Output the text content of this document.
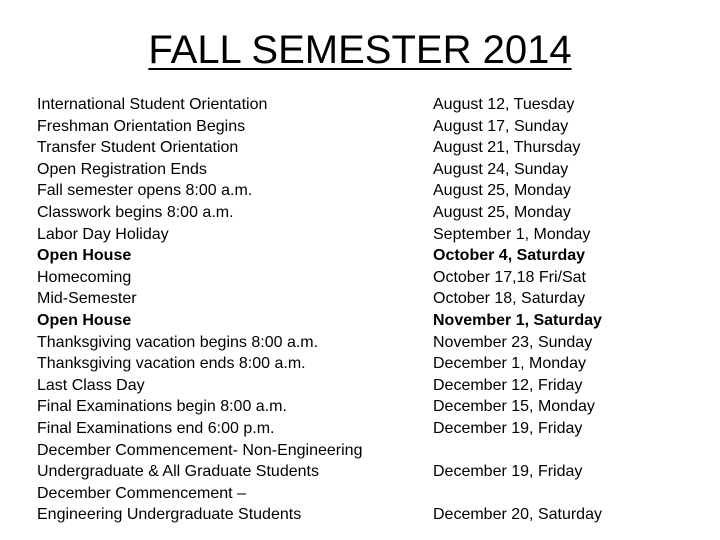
FALL SEMESTER 2014
International Student Orientation	August 12, Tuesday
Freshman Orientation Begins	August 17, Sunday
Transfer Student Orientation	August 21, Thursday
Open Registration Ends	August 24, Sunday
Fall semester opens 8:00 a.m.	August 25, Monday
Classwork begins 8:00 a.m.	August 25, Monday
Labor Day Holiday	September 1, Monday
Open House	October 4, Saturday
Homecoming	October 17,18 Fri/Sat
Mid-Semester	October 18, Saturday
Open House	November 1, Saturday
Thanksgiving vacation begins 8:00 a.m.	November 23, Sunday
Thanksgiving vacation ends 8:00 a.m.	December 1, Monday
Last Class Day	December 12, Friday
Final Examinations begin 8:00 a.m.	December 15, Monday
Final Examinations end 6:00 p.m.	December 19, Friday
December Commencement- Non-Engineering
Undergraduate & All Graduate Students	December 19, Friday
December Commencement –
Engineering Undergraduate Students	December 20, Saturday
